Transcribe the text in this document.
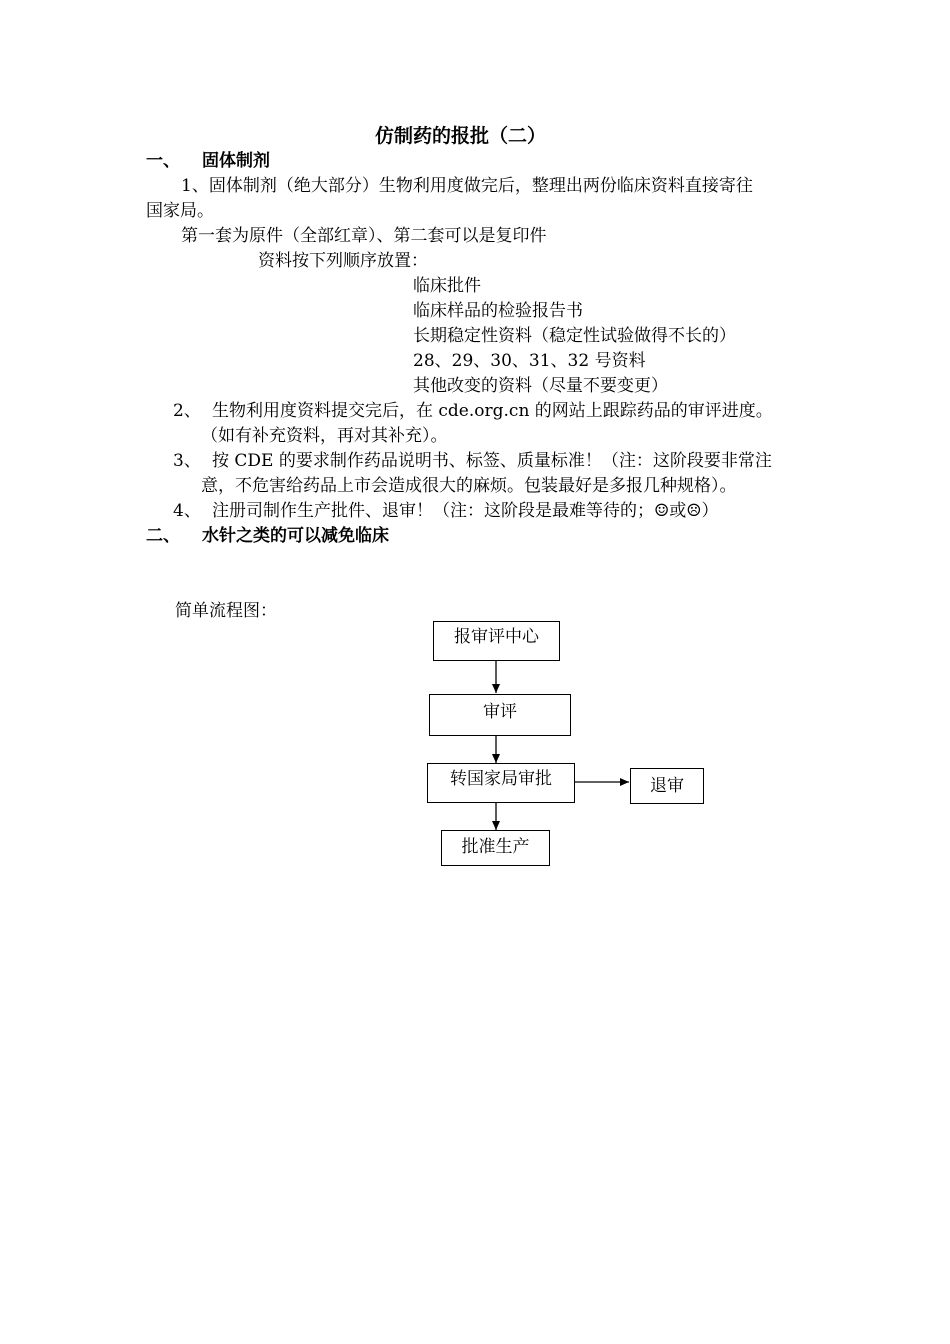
仿制药的报批（二）
一、 固体制剂
1、固体制剂（绝大部分）生物利用度做完后，整理出两份临床资料直接寄往
国家局。
第一套为原件（全部红章）、第二套可以是复印件
资料按下列顺序放置：
临床批件
临床样品的检验报告书
长期稳定性资料（稳定性试验做得不长的）
28、29、30、31、32 号资料
其他改变的资料（尽量不要变更）
2、 生物利用度资料提交完后，在 cde.org.cn 的网站上跟踪药品的审评进度。
（如有补充资料，再对其补充）。
3、 按 CDE 的要求制作药品说明书、标签、质量标准！（注：这阶段要非常注
意，不危害给药品上市会造成很大的麻烦。包装最好是多报几种规格）。
4、 注册司制作生产批件、退审！（注：这阶段是最难等待的；☺或☹）
二、 水针之类的可以减免临床
简单流程图：
报审评中心
审评
转国家局审批	退审
批准生产
